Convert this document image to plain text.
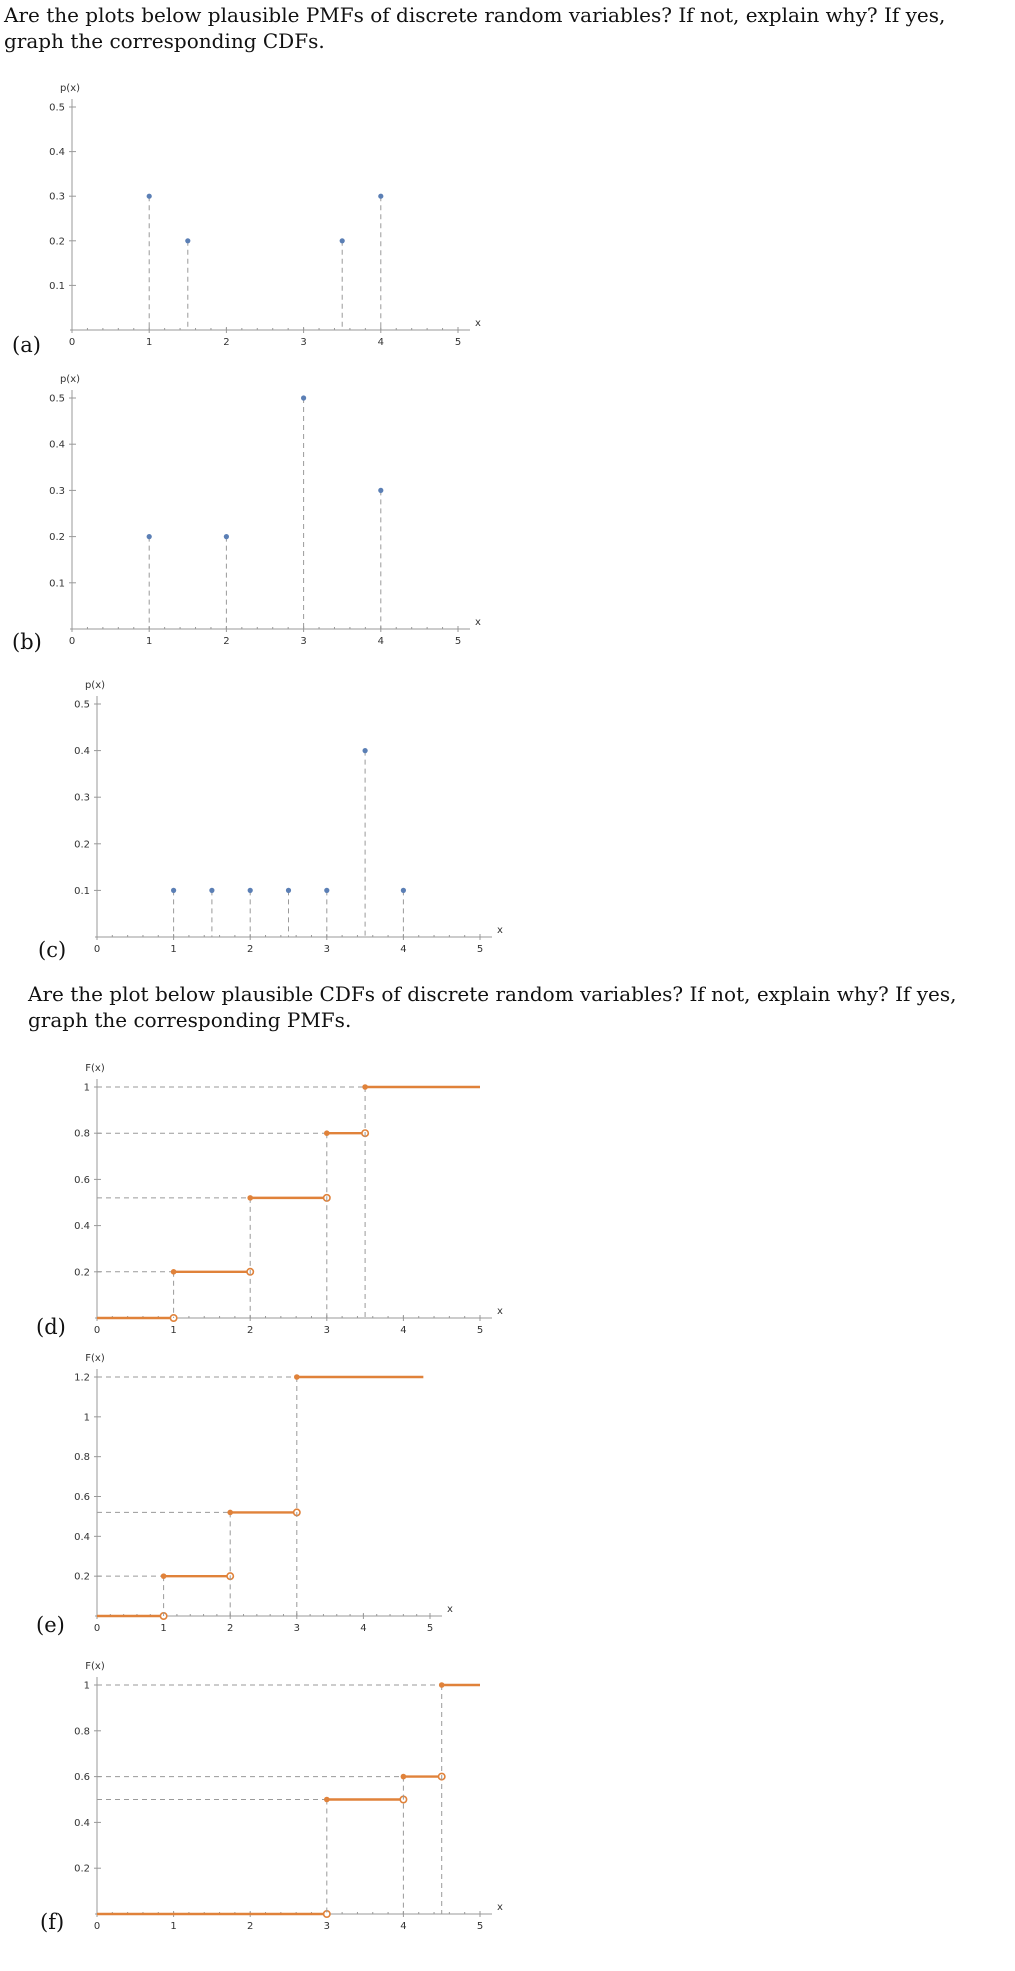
Are the plots below plausible PMFs of discrete random variables? If not, explain why? If yes, graph the corresponding CDFs.
Are the plot below plausible CDFs of discrete random variables? If not, explain why? If yes, graph the corresponding PMFs.
(a)
(b)
(c)
(d)
(e)
(f)
p(x)
x
0	1	2	3	4	5
0.1
0.2
0.3
0.4
0.5
p(x)
x
0	1	2	3	4	5
0.1
0.2
0.3
0.4
0.5
p(x)
x
0	1	2	3	4	5
0.1
0.2
0.3
0.4
0.5
F(x)
x
0	1	2	3	4	5
0.2
0.4
0.6
0.8
1
F(x)
x
0	1	2	3	4	5
0.2
0.4
0.6
0.8
1
1.2
F(x)
x
0	1	2	3	4	5
0.2
0.4
0.6
0.8
1
